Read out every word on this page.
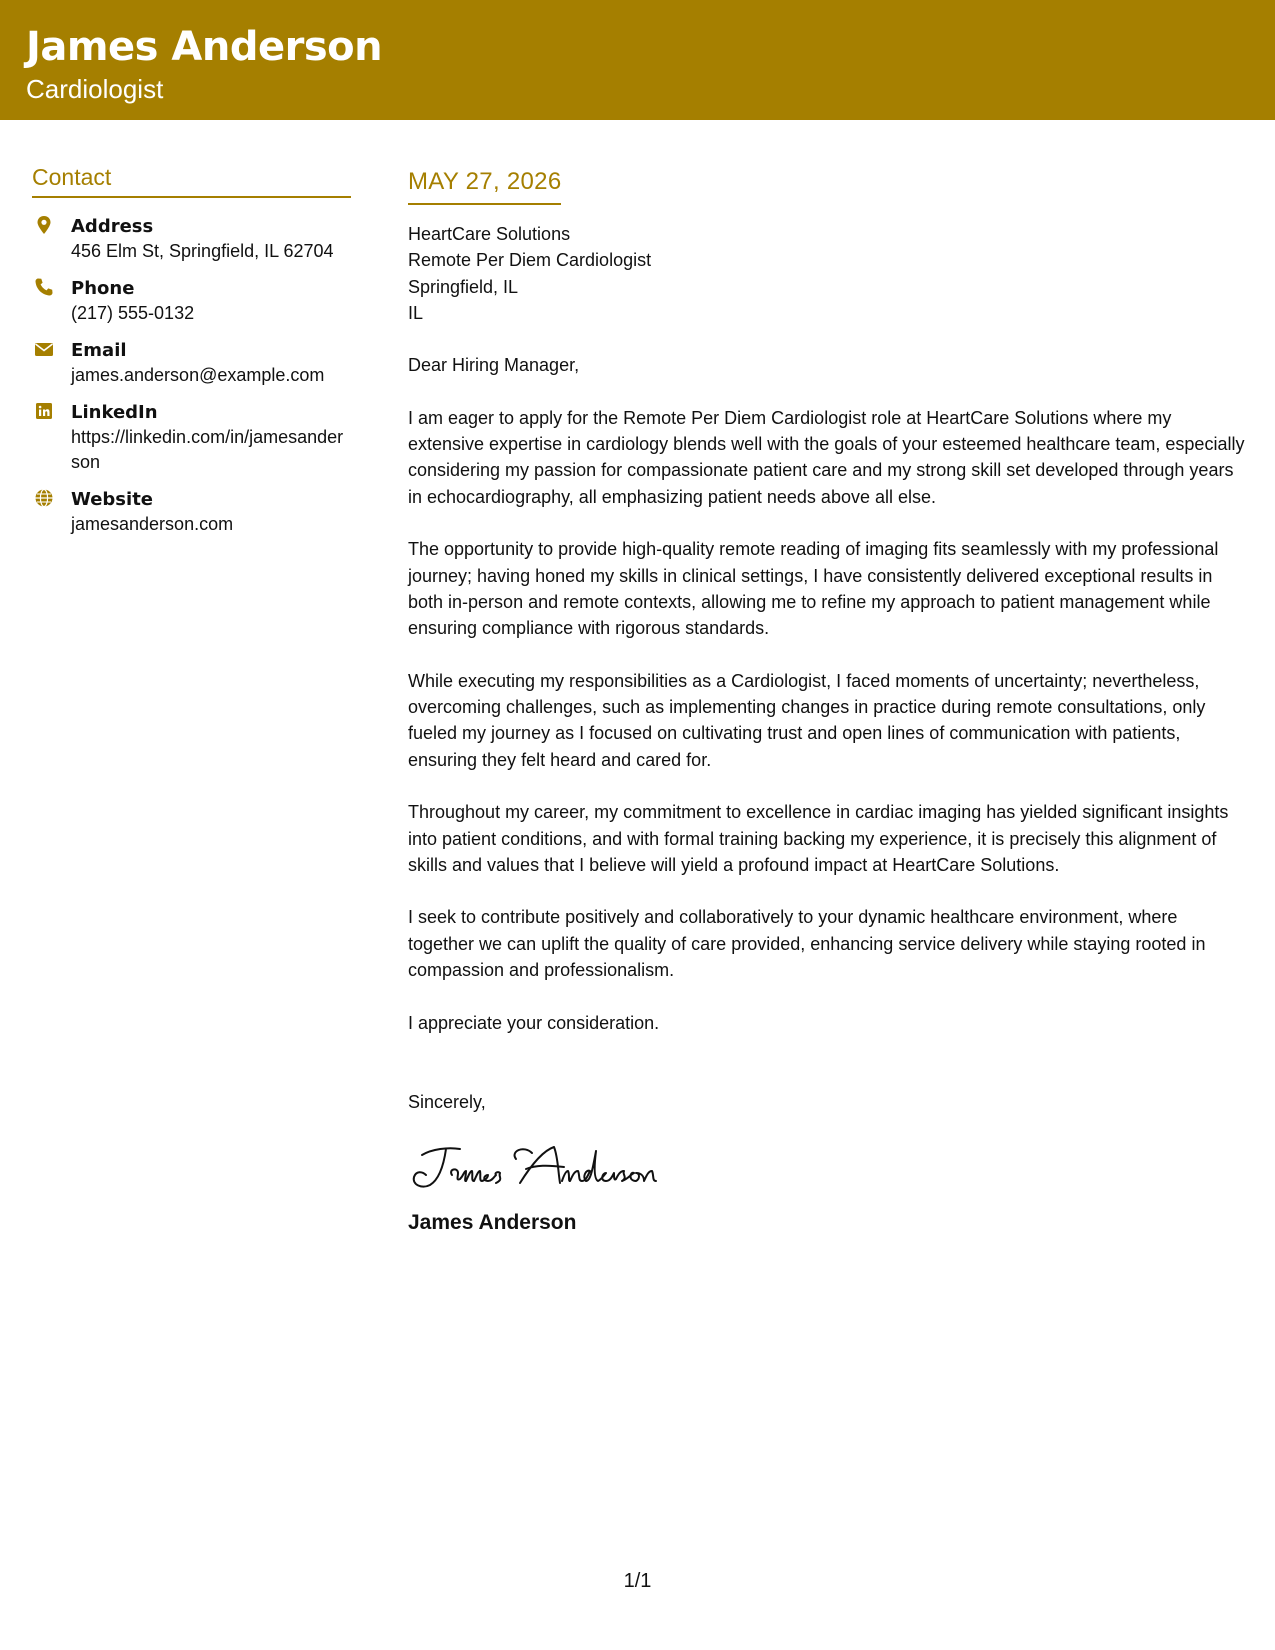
James Anderson
Cardiologist
Contact
Address
456 Elm St, Springfield, IL 62704
Phone
(217) 555-0132
Email
james.anderson@example.com
LinkedIn
https://linkedin.com/in/jamesanderson
Website
jamesanderson.com
MAY 27, 2026
HeartCare Solutions
Remote Per Diem Cardiologist
Springfield, IL
IL
Dear Hiring Manager,
I am eager to apply for the Remote Per Diem Cardiologist role at HeartCare Solutions where my extensive expertise in cardiology blends well with the goals of your esteemed healthcare team, especially considering my passion for compassionate patient care and my strong skill set developed through years in echocardiography, all emphasizing patient needs above all else.
The opportunity to provide high-quality remote reading of imaging fits seamlessly with my professional journey; having honed my skills in clinical settings, I have consistently delivered exceptional results in both in-person and remote contexts, allowing me to refine my approach to patient management while ensuring compliance with rigorous standards.
While executing my responsibilities as a Cardiologist, I faced moments of uncertainty; nevertheless, overcoming challenges, such as implementing changes in practice during remote consultations, only fueled my journey as I focused on cultivating trust and open lines of communication with patients, ensuring they felt heard and cared for.
Throughout my career, my commitment to excellence in cardiac imaging has yielded significant insights into patient conditions, and with formal training backing my experience, it is precisely this alignment of skills and values that I believe will yield a profound impact at HeartCare Solutions.
I seek to contribute positively and collaboratively to your dynamic healthcare environment, where together we can uplift the quality of care provided, enhancing service delivery while staying rooted in compassion and professionalism.
I appreciate your consideration.
Sincerely,
James Anderson
1/1
